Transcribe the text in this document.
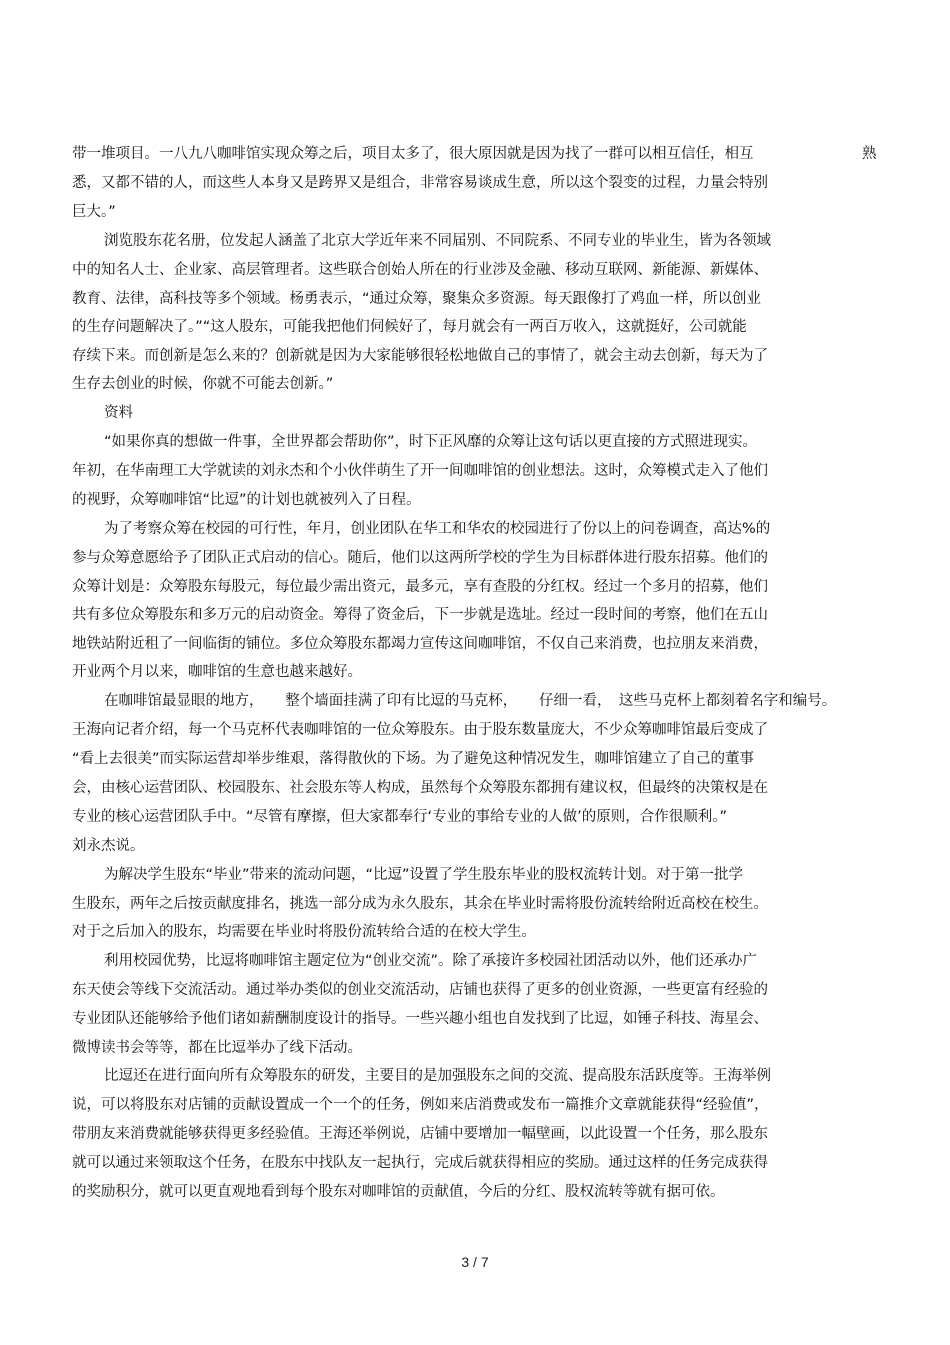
带一堆项目。一八九八咖啡馆实现众筹之后，项目太多了，很大原因就是因为找了一群可以相互信任，相互	熟
悉，又都不错的人，而这些人本身又是跨界又是组合，非常容易谈成生意，所以这个裂变的过程，力量会特别
巨大。”
浏览股东花名册，位发起人涵盖了北京大学近年来不同届别、不同院系、不同专业的毕业生，皆为各领域
中的知名人士、企业家、高层管理者。这些联合创始人所在的行业涉及金融、移动互联网、新能源、新媒体、
教育、法律，高科技等多个领域。杨勇表示，“通过众筹，聚集众多资源。每天跟像打了鸡血一样，所以创业
的生存问题解决了。”“这人股东，可能我把他们伺候好了，每月就会有一两百万收入，这就挺好，公司就能
存续下来。而创新是怎么来的？创新就是因为大家能够很轻松地做自己的事情了，就会主动去创新，每天为了
生存去创业的时候，你就不可能去创新。”
资料
“如果你真的想做一件事，全世界都会帮助你”，时下正风靡的众筹让这句话以更直接的方式照进现实。
年初，在华南理工大学就读的刘永杰和个小伙伴萌生了开一间咖啡馆的创业想法。这时，众筹模式走入了他们
的视野，众筹咖啡馆“比逗”的计划也就被列入了日程。
为了考察众筹在校园的可行性，年月，创业团队在华工和华农的校园进行了份以上的问卷调查，高达%的
参与众筹意愿给予了团队正式启动的信心。随后，他们以这两所学校的学生为目标群体进行股东招募。他们的
众筹计划是：众筹股东每股元，每位最少需出资元，最多元，享有查股的分红权。经过一个多月的招募，他们
共有多位众筹股东和多万元的启动资金。筹得了资金后，下一步就是选址。经过一段时间的考察，他们在五山
地铁站附近租了一间临街的铺位。多位众筹股东都竭力宣传这间咖啡馆，不仅自己来消费，也拉朋友来消费，
开业两个月以来，咖啡馆的生意也越来越好。
在咖啡馆最显眼的地方，　　整个墙面挂满了印有比逗的马克杯，　　仔细一看，　这些马克杯上都刻着名字和编号。
王海向记者介绍，每一个马克杯代表咖啡馆的一位众筹股东。由于股东数量庞大，不少众筹咖啡馆最后变成了
“看上去很美”而实际运营却举步维艰，落得散伙的下场。为了避免这种情况发生，咖啡馆建立了自己的董事
会，由核心运营团队、校园股东、社会股东等人构成，虽然每个众筹股东都拥有建议权，但最终的决策权是在
专业的核心运营团队手中。“尽管有摩擦，但大家都奉行‘专业的事给专业的人做’的原则，合作很顺利。”
刘永杰说。
为解决学生股东“毕业”带来的流动问题，“比逗”设置了学生股东毕业的股权流转计划。对于第一批学
生股东，两年之后按贡献度排名，挑选一部分成为永久股东，其余在毕业时需将股份流转给附近高校在校生。
对于之后加入的股东，均需要在毕业时将股份流转给合适的在校大学生。
利用校园优势，比逗将咖啡馆主题定位为“创业交流”。除了承接许多校园社团活动以外，他们还承办广
东天使会等线下交流活动。通过举办类似的创业交流活动，店铺也获得了更多的创业资源，一些更富有经验的
专业团队还能够给予他们诸如薪酬制度设计的指导。一些兴趣小组也自发找到了比逗，如锤子科技、海星会、
微博读书会等等，都在比逗举办了线下活动。
比逗还在进行面向所有众筹股东的研发，主要目的是加强股东之间的交流、提高股东活跃度等。王海举例
说，可以将股东对店铺的贡献设置成一个一个的任务，例如来店消费或发布一篇推介文章就能获得“经验值”，
带朋友来消费就能够获得更多经验值。王海还举例说，店铺中要增加一幅壁画，以此设置一个任务，那么股东
就可以通过来领取这个任务，在股东中找队友一起执行，完成后就获得相应的奖励。通过这样的任务完成获得
的奖励积分，就可以更直观地看到每个股东对咖啡馆的贡献值，今后的分红、股权流转等就有据可依。
3 / 7
